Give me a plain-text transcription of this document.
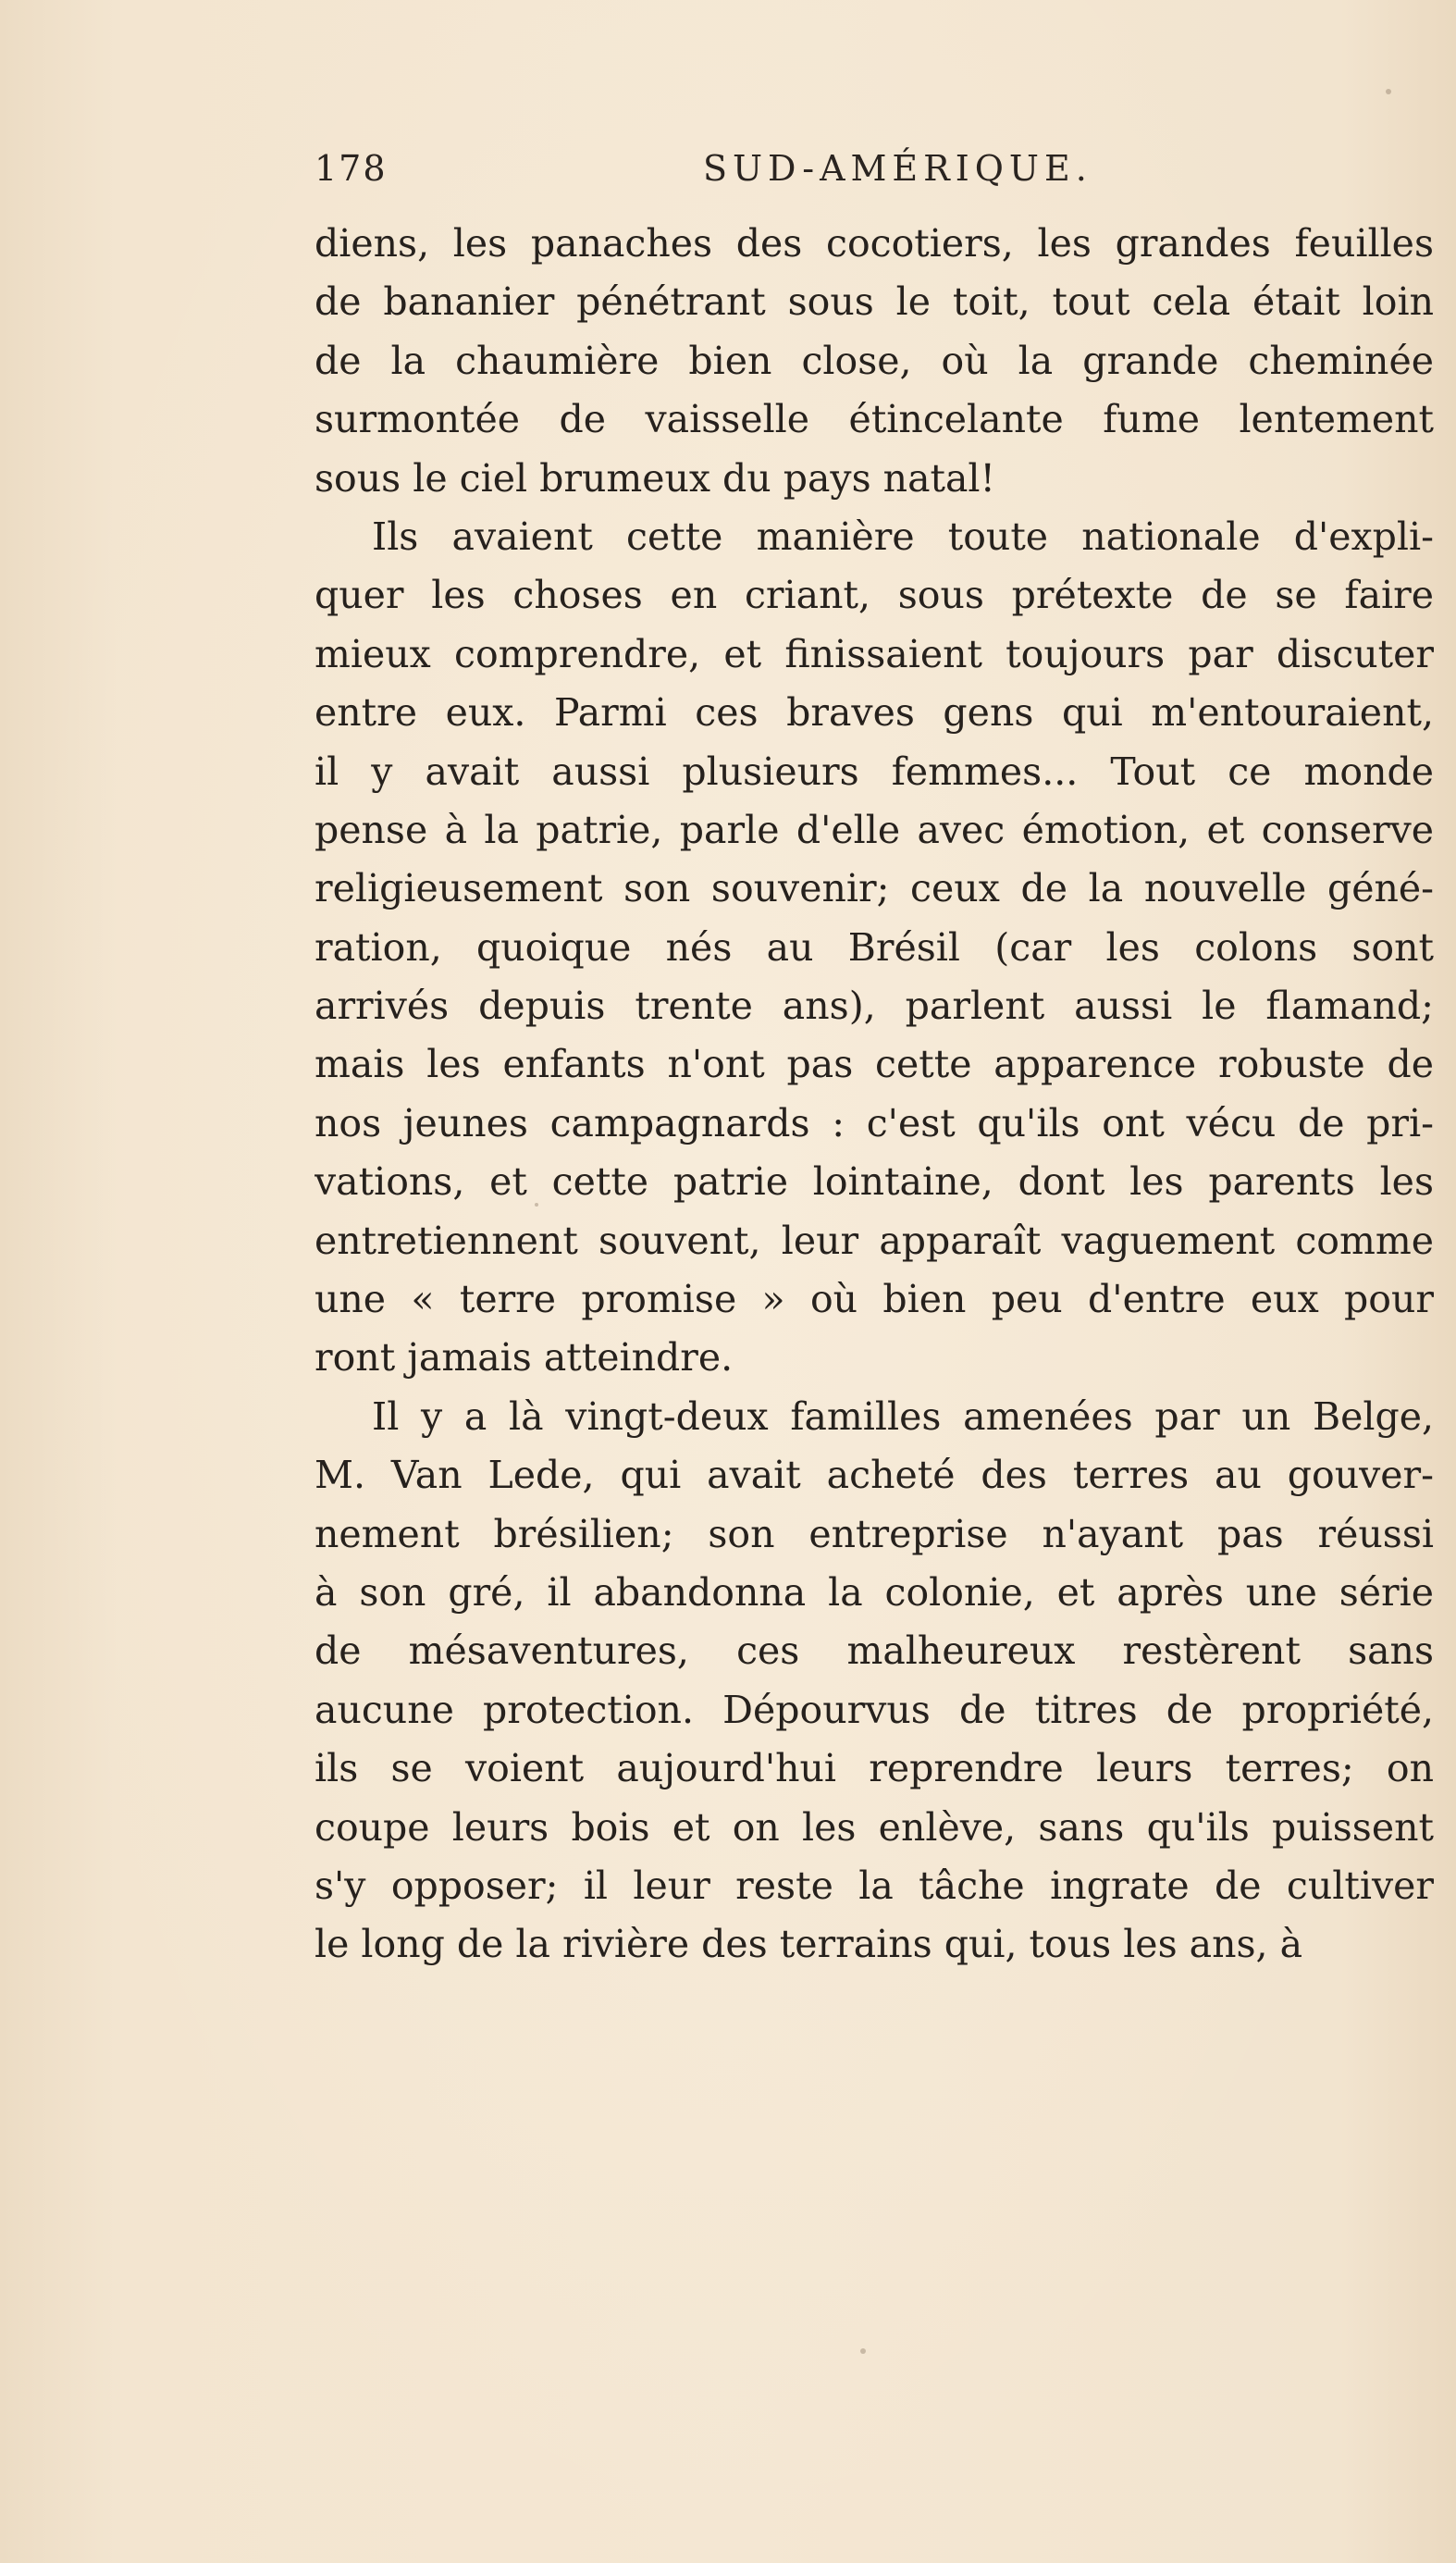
178	SUD-AMÉRIQUE.
diens, les panaches des cocotiers, les grandes feuilles
de bananier pénétrant sous le toit, tout cela était loin
de la chaumière bien close, où la grande cheminée
surmontée de vaisselle étincelante fume lentement
sous le ciel brumeux du pays natal!
Ils avaient cette manière toute nationale d'expli-
quer les choses en criant, sous prétexte de se faire
mieux comprendre, et finissaient toujours par discuter
entre eux. Parmi ces braves gens qui m'entouraient,
il y avait aussi plusieurs femmes... Tout ce monde
pense à la patrie, parle d'elle avec émotion, et conserve
religieusement son souvenir; ceux de la nouvelle géné-
ration, quoique nés au Brésil (car les colons sont
arrivés depuis trente ans), parlent aussi le flamand;
mais les enfants n'ont pas cette apparence robuste de
nos jeunes campagnards : c'est qu'ils ont vécu de pri-
vations, et cette patrie lointaine, dont les parents les
entretiennent souvent, leur apparaît vaguement comme
une « terre promise » où bien peu d'entre eux pour
ront jamais atteindre.
Il y a là vingt-deux familles amenées par un Belge,
M. Van Lede, qui avait acheté des terres au gouver-
nement brésilien; son entreprise n'ayant pas réussi
à son gré, il abandonna la colonie, et après une série
de mésaventures, ces malheureux restèrent sans
aucune protection. Dépourvus de titres de propriété,
ils se voient aujourd'hui reprendre leurs terres; on
coupe leurs bois et on les enlève, sans qu'ils puissent
s'y opposer; il leur reste la tâche ingrate de cultiver
le long de la rivière des terrains qui, tous les ans, à
